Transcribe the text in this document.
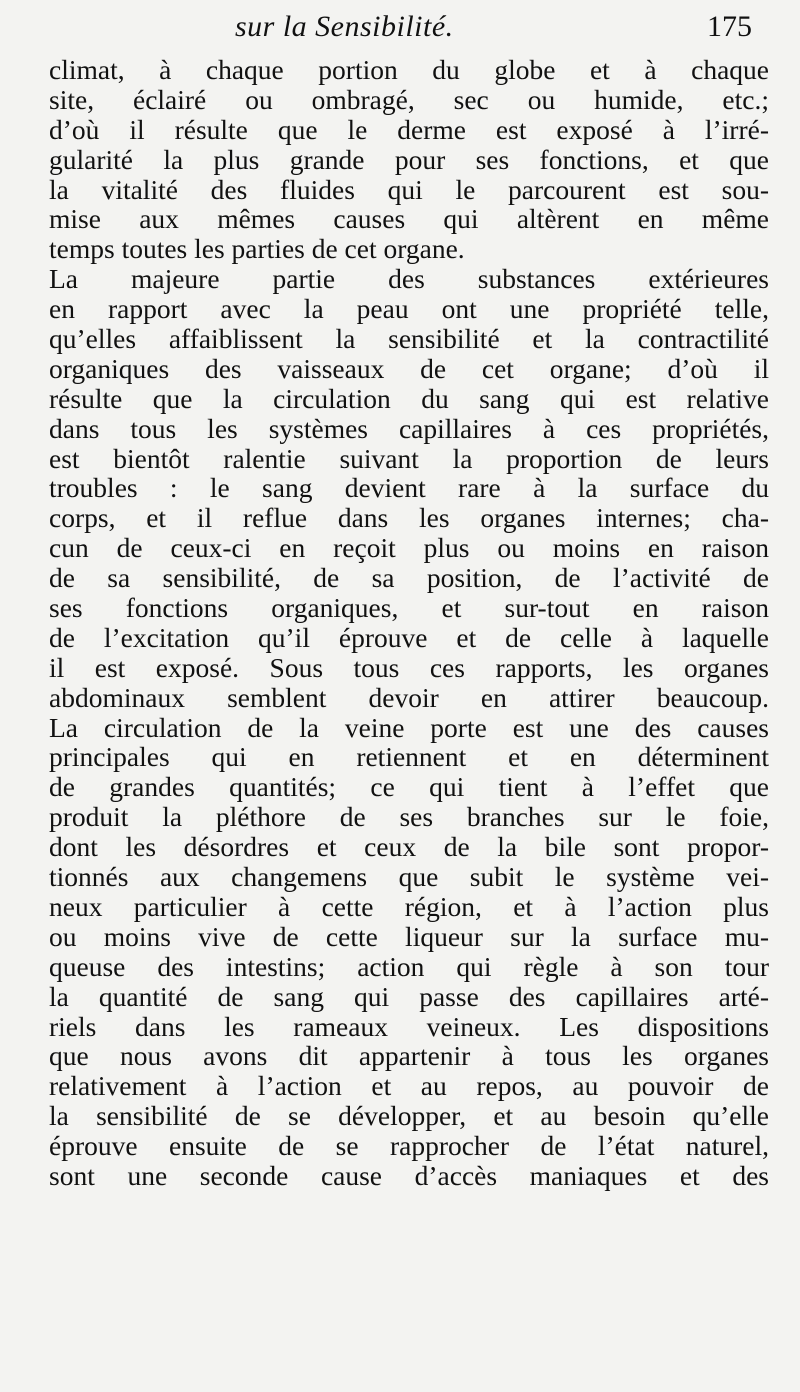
sur la Sensibilité.	175
climat, à chaque portion du globe et à chaque
site, éclairé ou ombragé, sec ou humide, etc.;
d’où il résulte que le derme est exposé à l’irré-
gularité la plus grande pour ses fonctions, et que
la vitalité des fluides qui le parcourent est sou-
mise aux mêmes causes qui altèrent en même
temps toutes les parties de cet organe.
La majeure partie des substances extérieures
en rapport avec la peau ont une propriété telle,
qu’elles affaiblissent la sensibilité et la contractilité
organiques des vaisseaux de cet organe; d’où il
résulte que la circulation du sang qui est relative
dans tous les systèmes capillaires à ces propriétés,
est bientôt ralentie suivant la proportion de leurs
troubles : le sang devient rare à la surface du
corps, et il reflue dans les organes internes; cha-
cun de ceux-ci en reçoit plus ou moins en raison
de sa sensibilité, de sa position, de l’activité de
ses fonctions organiques, et sur-tout en raison
de l’excitation qu’il éprouve et de celle à laquelle
il est exposé. Sous tous ces rapports, les organes
abdominaux semblent devoir en attirer beaucoup.
La circulation de la veine porte est une des causes
principales qui en retiennent et en déterminent
de grandes quantités; ce qui tient à l’effet que
produit la pléthore de ses branches sur le foie,
dont les désordres et ceux de la bile sont propor-
tionnés aux changemens que subit le système vei-
neux particulier à cette région, et à l’action plus
ou moins vive de cette liqueur sur la surface mu-
queuse des intestins; action qui règle à son tour
la quantité de sang qui passe des capillaires arté-
riels dans les rameaux veineux. Les dispositions
que nous avons dit appartenir à tous les organes
relativement à l’action et au repos, au pouvoir de
la sensibilité de se développer, et au besoin qu’elle
éprouve ensuite de se rapprocher de l’état naturel,
sont une seconde cause d’accès maniaques et des
